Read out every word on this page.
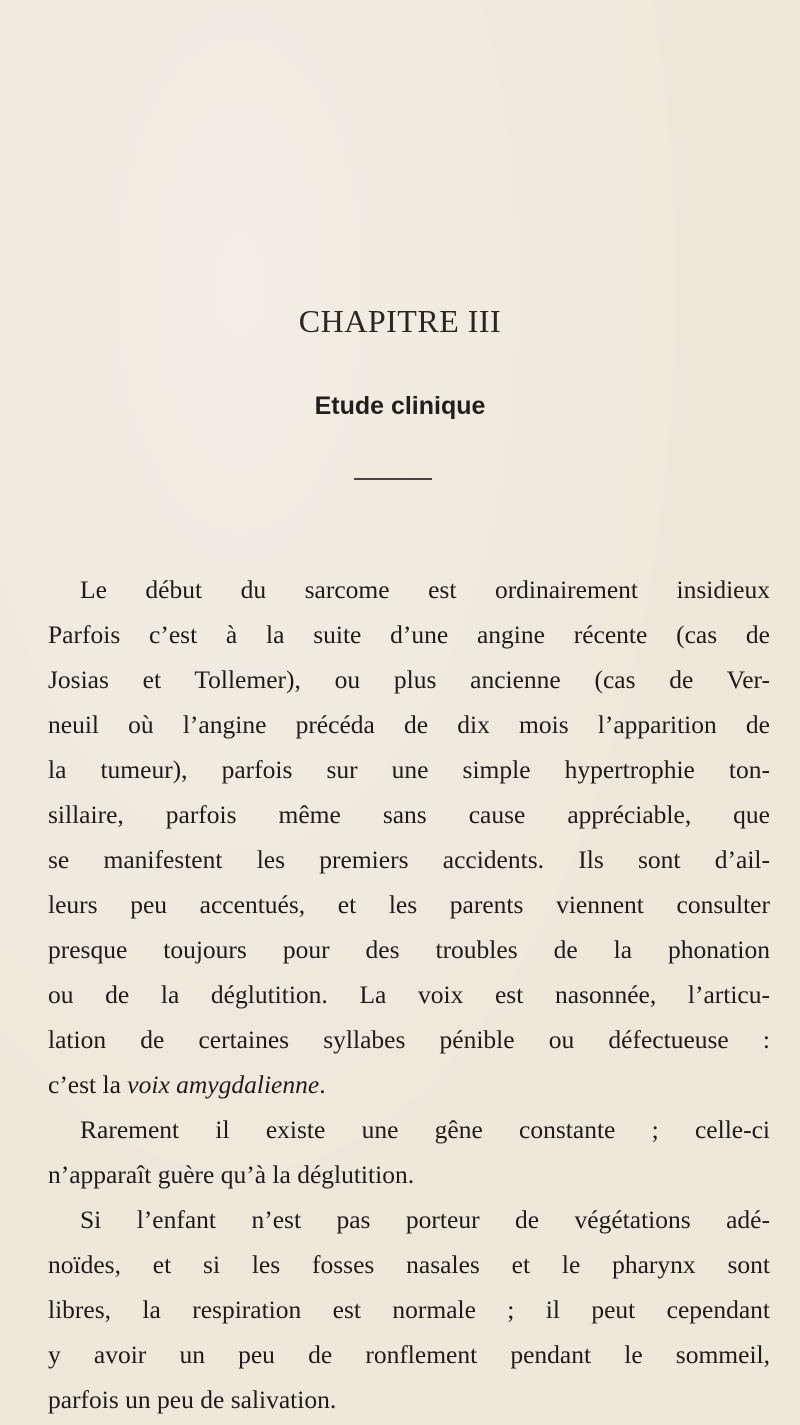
CHAPITRE III
Etude clinique
Le début du sarcome est ordinairement insidieux
Parfois c’est à la suite d’une angine récente (cas de
Josias et Tollemer), ou plus ancienne (cas de Ver-
neuil où l’angine précéda de dix mois l’apparition de
la tumeur), parfois sur une simple hypertrophie ton-
sillaire, parfois même sans cause appréciable, que
se manifestent les premiers accidents. Ils sont d’ail-
leurs peu accentués, et les parents viennent consulter
presque toujours pour des troubles de la phonation
ou de la déglutition. La voix est nasonnée, l’articu-
lation de certaines syllabes pénible ou défectueuse :
c’est la voix amygdalienne.
Rarement il existe une gêne constante ; celle-ci
n’apparaît guère qu’à la déglutition.
Si l’enfant n’est pas porteur de végétations adé-
noïdes, et si les fosses nasales et le pharynx sont
libres, la respiration est normale ; il peut cependant
y avoir un peu de ronflement pendant le sommeil,
parfois un peu de salivation.
